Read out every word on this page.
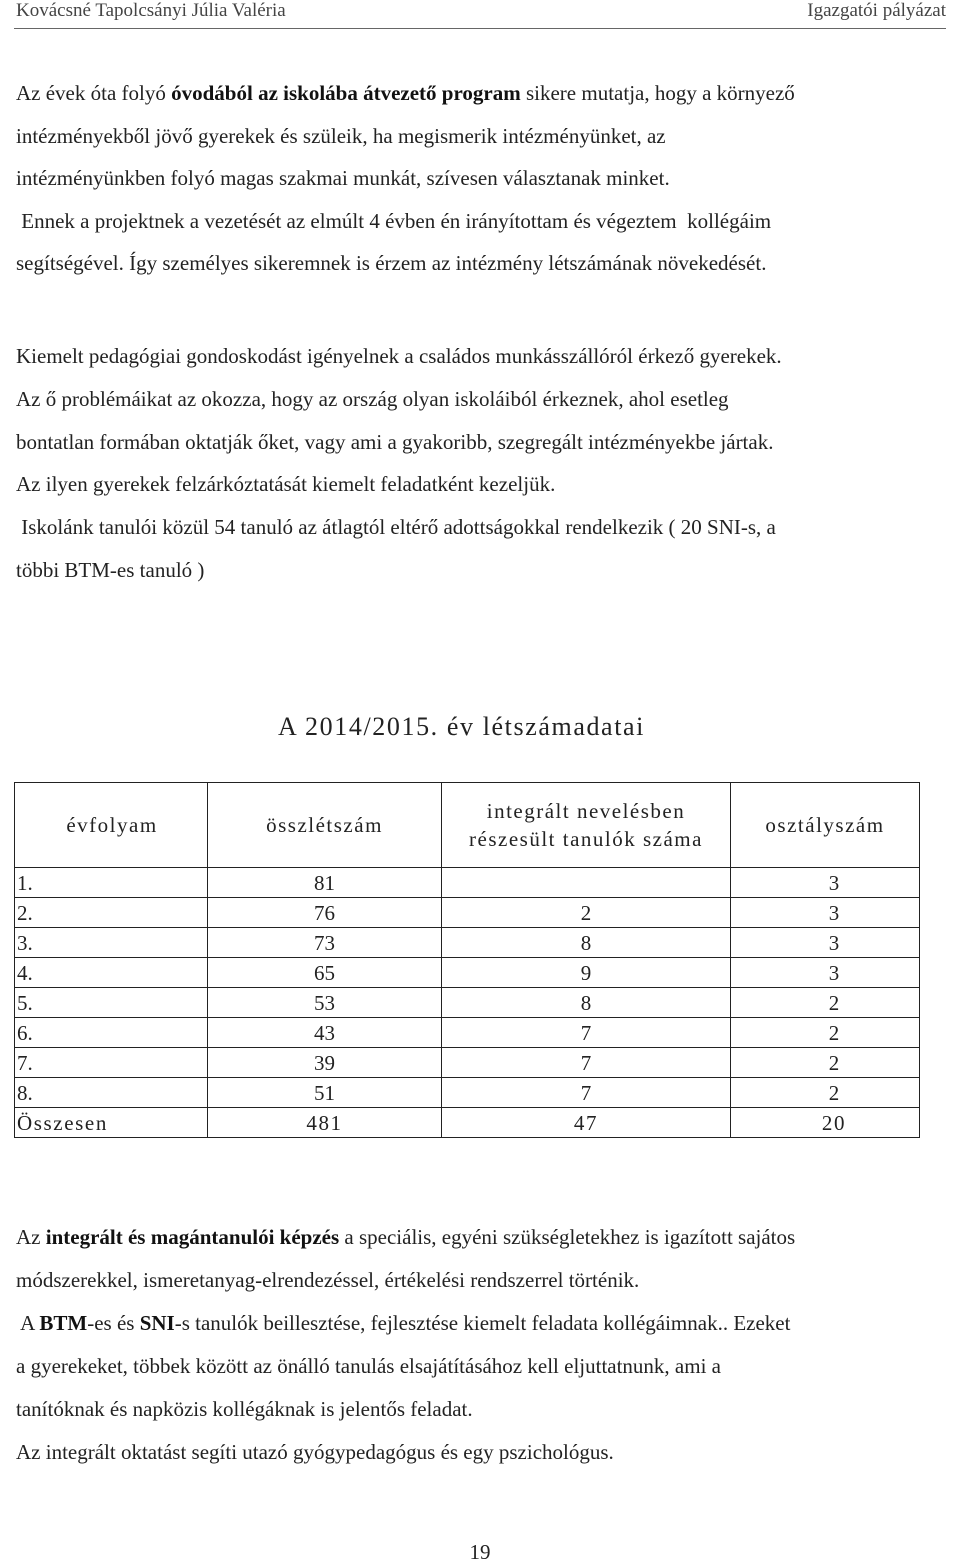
Kovácsné Tapolcsányi Júlia Valéria	Igazgatói pályázat
Az évek óta folyó óvodából az iskolába átvezető program sikere mutatja, hogy a környező
intézményekből jövő gyerekek és szüleik, ha megismerik intézményünket, az
intézményünkben folyó magas szakmai munkát, szívesen választanak minket.
Ennek a projektnek a vezetését az elmúlt 4 évben én irányítottam és végeztem  kollégáim
segítségével. Így személyes sikeremnek is érzem az intézmény létszámának növekedését.
Kiemelt pedagógiai gondoskodást igényelnek a családos munkásszállóról érkező gyerekek.
Az ő problémáikat az okozza, hogy az ország olyan iskoláiból érkeznek, ahol esetleg
bontatlan formában oktatják őket, vagy ami a gyakoribb, szegregált intézményekbe jártak.
Az ilyen gyerekek felzárkóztatását kiemelt feladatként kezeljük.
Iskolánk tanulói közül 54 tanuló az átlagtól eltérő adottságokkal rendelkezik ( 20 SNI-s, a
többi BTM-es tanuló )
A 2014/2015. év létszámadatai
évfolyam	összlétszám	integrált nevelésben részesült tanulók száma	osztályszám
1.	81		3
2.	76	2	3
3.	73	8	3
4.	65	9	3
5.	53	8	2
6.	43	7	2
7.	39	7	2
8.	51	7	2
Összesen	481	47	20
Az integrált és magántanulói képzés a speciális, egyéni szükségletekhez is igazított sajátos
módszerekkel, ismeretanyag-elrendezéssel, értékelési rendszerrel történik.
A BTM-es és SNI-s tanulók beillesztése, fejlesztése kiemelt feladata kollégáimnak.. Ezeket
a gyerekeket, többek között az önálló tanulás elsajátításához kell eljuttatnunk, ami a
tanítóknak és napközis kollégáknak is jelentős feladat.
Az integrált oktatást segíti utazó gyógypedagógus és egy pszichológus.
19
